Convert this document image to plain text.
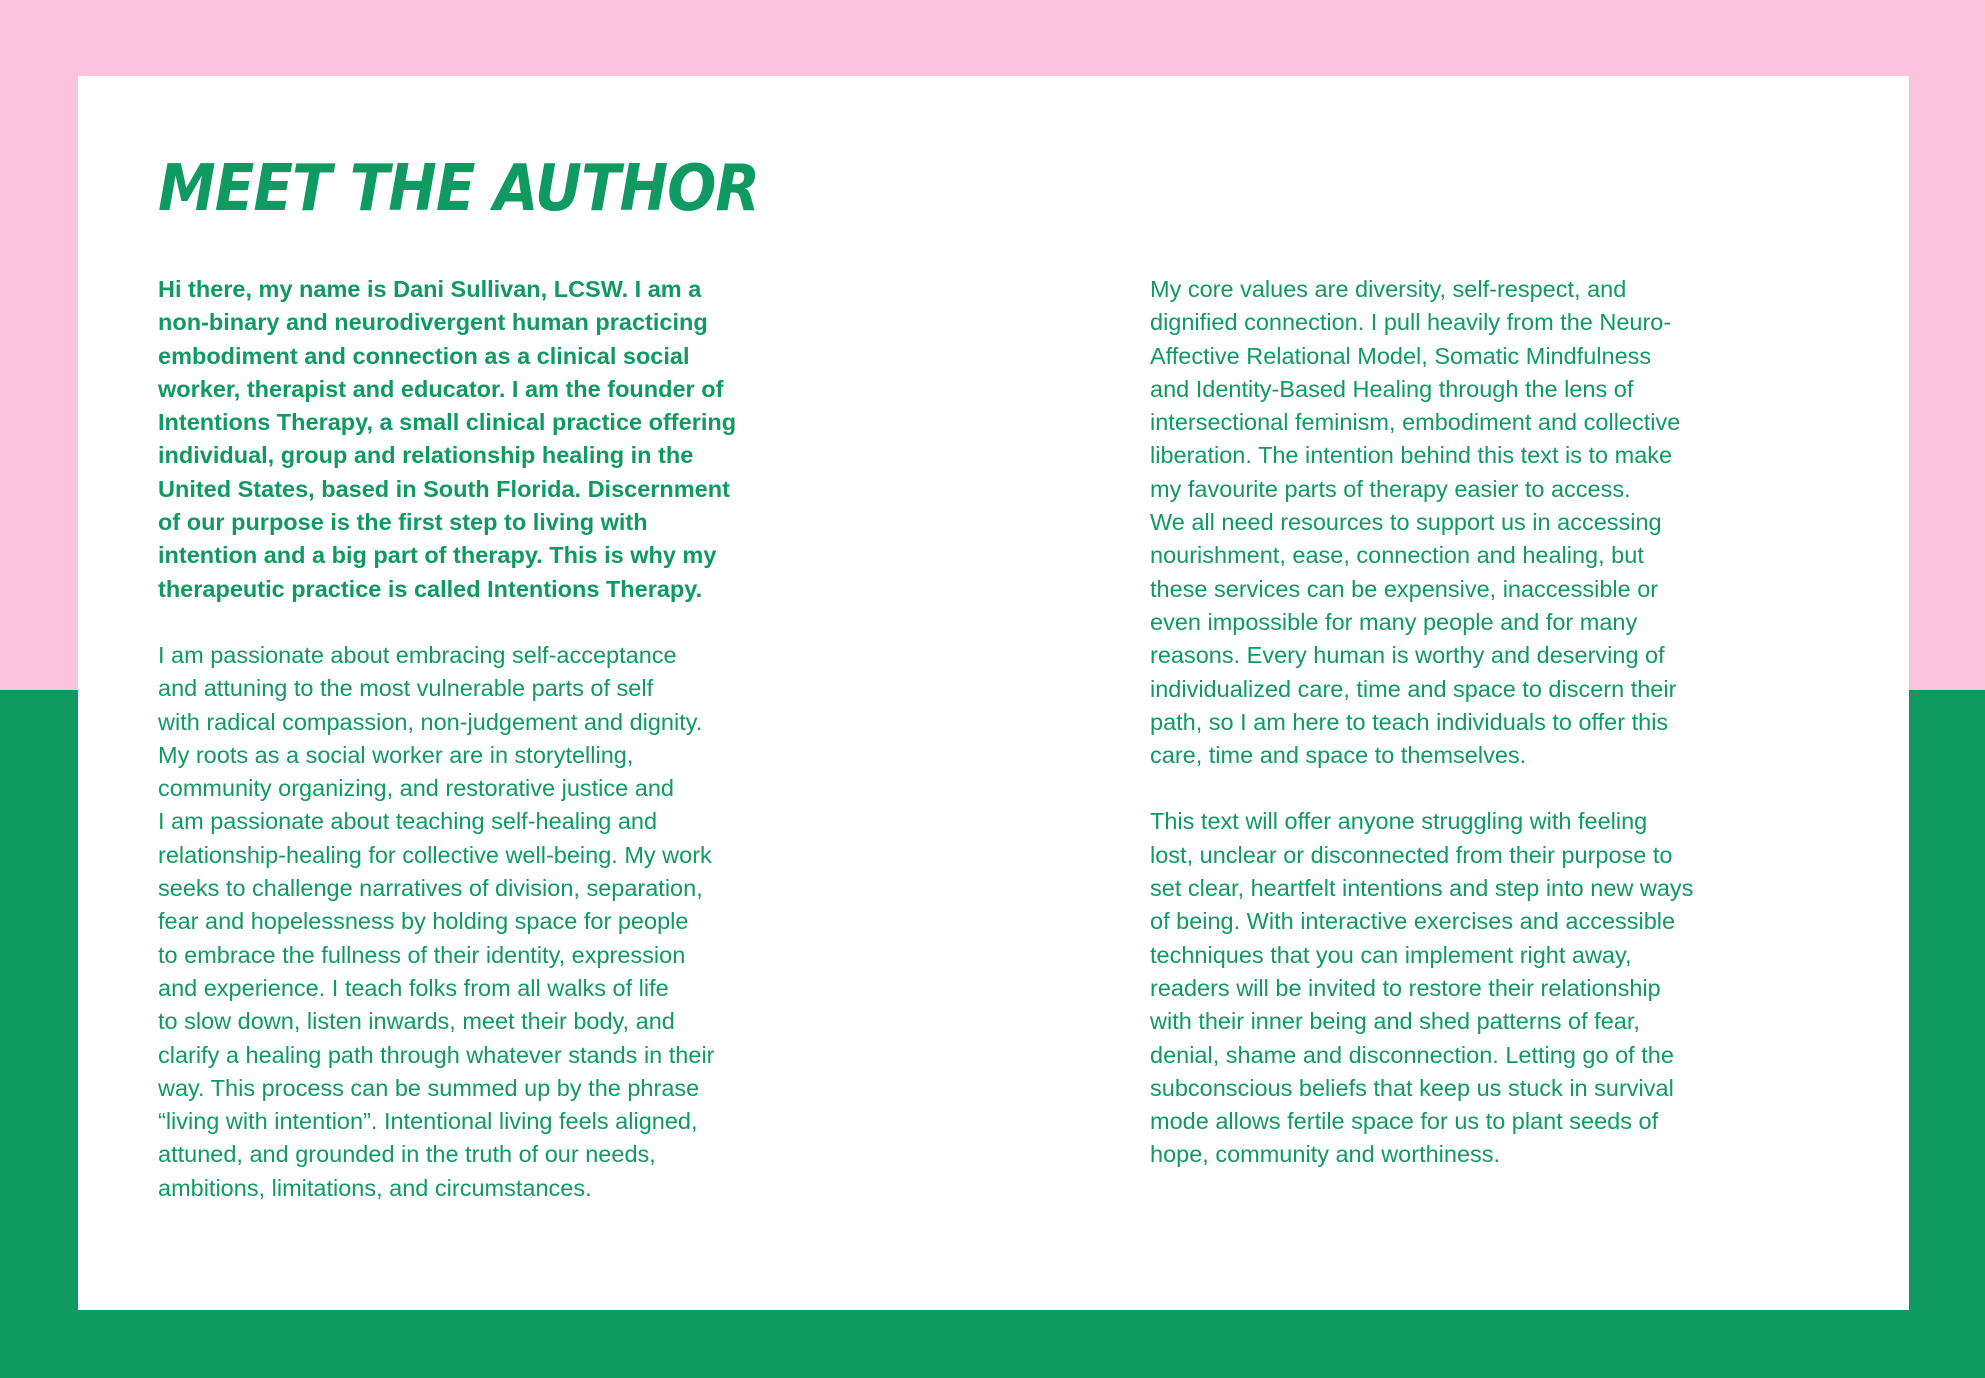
MEET THE AUTHOR

Hi there, my name is Dani Sullivan, LCSW. I am a
non-binary and neurodivergent human practicing
embodiment and connection as a clinical social
worker, therapist and educator. I am the founder of
Intentions Therapy, a small clinical practice offering
individual, group and relationship healing in the
United States, based in South Florida. Discernment
of our purpose is the first step to living with
intention and a big part of therapy. This is why my
therapeutic practice is called Intentions Therapy.

I am passionate about embracing self-acceptance
and attuning to the most vulnerable parts of self
with radical compassion, non-judgement and dignity.
My roots as a social worker are in storytelling,
community organizing, and restorative justice and
I am passionate about teaching self-healing and
relationship-healing for collective well-being. My work
seeks to challenge narratives of division, separation,
fear and hopelessness by holding space for people
to embrace the fullness of their identity, expression
and experience. I teach folks from all walks of life
to slow down, listen inwards, meet their body, and
clarify a healing path through whatever stands in their
way. This process can be summed up by the phrase
“living with intention”. Intentional living feels aligned,
attuned, and grounded in the truth of our needs,
ambitions, limitations, and circumstances.

My core values are diversity, self-respect, and
dignified connection. I pull heavily from the Neuro-
Affective Relational Model, Somatic Mindfulness
and Identity-Based Healing through the lens of
intersectional feminism, embodiment and collective
liberation. The intention behind this text is to make
my favourite parts of therapy easier to access.
We all need resources to support us in accessing
nourishment, ease, connection and healing, but
these services can be expensive, inaccessible or
even impossible for many people and for many
reasons. Every human is worthy and deserving of
individualized care, time and space to discern their
path, so I am here to teach individuals to offer this
care, time and space to themselves.

This text will offer anyone struggling with feeling
lost, unclear or disconnected from their purpose to
set clear, heartfelt intentions and step into new ways
of being. With interactive exercises and accessible
techniques that you can implement right away,
readers will be invited to restore their relationship
with their inner being and shed patterns of fear,
denial, shame and disconnection. Letting go of the
subconscious beliefs that keep us stuck in survival
mode allows fertile space for us to plant seeds of
hope, community and worthiness.
